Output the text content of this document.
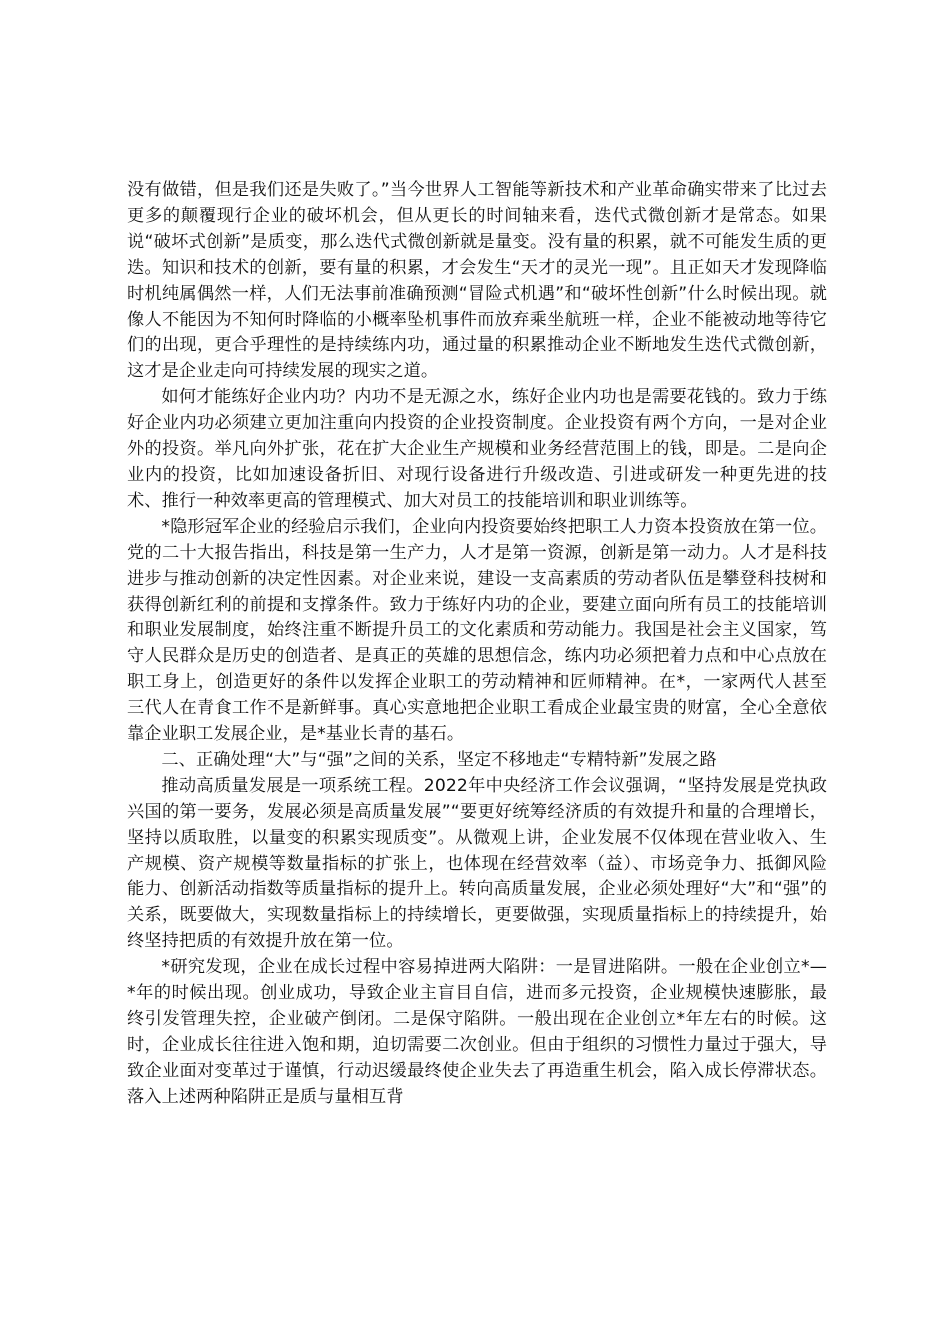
没有做错，但是我们还是失败了。”当今世界人工智能等新技术和产业革命确实带来了比过去更多的颠覆现行企业的破坏机会，但从更长的时间轴来看，迭代式微创新才是常态。如果说“破坏式创新”是质变，那么迭代式微创新就是量变。没有量的积累，就不可能发生质的更迭。知识和技术的创新，要有量的积累，才会发生“天才的灵光一现”。且正如天才发现降临时机纯属偶然一样，人们无法事前准确预测“冒险式机遇”和“破坏性创新”什么时候出现。就像人不能因为不知何时降临的小概率坠机事件而放弃乘坐航班一样，企业不能被动地等待它们的出现，更合乎理性的是持续练内功，通过量的积累推动企业不断地发生迭代式微创新，这才是企业走向可持续发展的现实之道。

如何才能练好企业内功？内功不是无源之水，练好企业内功也是需要花钱的。致力于练好企业内功必须建立更加注重向内投资的企业投资制度。企业投资有两个方向，一是对企业外的投资。举凡向外扩张，花在扩大企业生产规模和业务经营范围上的钱，即是。二是向企业内的投资，比如加速设备折旧、对现行设备进行升级改造、引进或研发一种更先进的技术、推行一种效率更高的管理模式、加大对员工的技能培训和职业训练等。

*隐形冠军企业的经验启示我们，企业向内投资要始终把职工人力资本投资放在第一位。党的二十大报告指出，科技是第一生产力，人才是第一资源，创新是第一动力。人才是科技进步与推动创新的决定性因素。对企业来说，建设一支高素质的劳动者队伍是攀登科技树和获得创新红利的前提和支撑条件。致力于练好内功的企业，要建立面向所有员工的技能培训和职业发展制度，始终注重不断提升员工的文化素质和劳动能力。我国是社会主义国家，笃守人民群众是历史的创造者、是真正的英雄的思想信念，练内功必须把着力点和中心点放在职工身上，创造更好的条件以发挥企业职工的劳动精神和匠师精神。在*，一家两代人甚至三代人在青食工作不是新鲜事。真心实意地把企业职工看成企业最宝贵的财富，全心全意依靠企业职工发展企业，是*基业长青的基石。

二、正确处理“大”与“强”之间的关系，坚定不移地走“专精特新”发展之路

推动高质量发展是一项系统工程。2022年中央经济工作会议强调，“坚持发展是党执政兴国的第一要务，发展必须是高质量发展”“要更好统筹经济质的有效提升和量的合理增长，坚持以质取胜，以量变的积累实现质变”。从微观上讲，企业发展不仅体现在营业收入、生产规模、资产规模等数量指标的扩张上，也体现在经营效率（益）、市场竞争力、抵御风险能力、创新活动指数等质量指标的提升上。转向高质量发展，企业必须处理好“大”和“强”的关系，既要做大，实现数量指标上的持续增长，更要做强，实现质量指标上的持续提升，始终坚持把质的有效提升放在第一位。

*研究发现，企业在成长过程中容易掉进两大陷阱：一是冒进陷阱。一般在企业创立*—*年的时候出现。创业成功，导致企业主盲目自信，进而多元投资，企业规模快速膨胀，最终引发管理失控，企业破产倒闭。二是保守陷阱。一般出现在企业创立*年左右的时候。这时，企业成长往往进入饱和期，迫切需要二次创业。但由于组织的习惯性力量过于强大，导致企业面对变革过于谨慎，行动迟缓最终使企业失去了再造重生机会，陷入成长停滞状态。落入上述两种陷阱正是质与量相互背
